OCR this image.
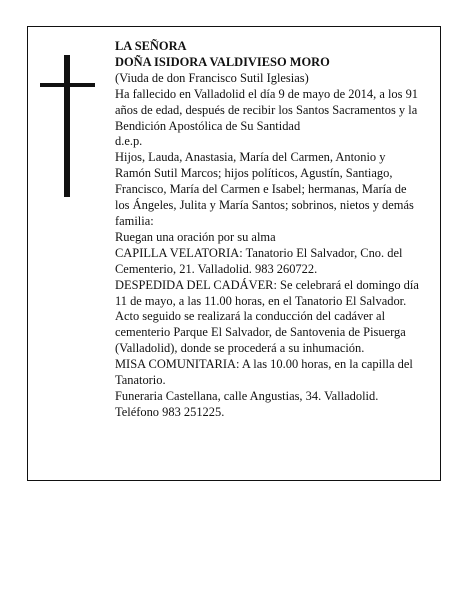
LA SEÑORA

DOÑA ISIDORA VALDIVIESO MORO

(Viuda de don Francisco Sutil Iglesias)

Ha fallecido en Valladolid el día 9 de mayo de 2014, a los 91 años de edad, después de recibir los Santos Sacramentos y la Bendición Apostólica de Su Santidad

d.e.p.

Hijos, Lauda, Anastasia, María del Carmen, Antonio y Ramón Sutil Marcos; hijos políticos, Agustín, Santiago, Francisco, María del Carmen e Isabel; hermanas, María de los Ángeles, Julita y María Santos; sobrinos, nietos y demás familia:

Ruegan una oración por su alma

CAPILLA VELATORIA: Tanatorio El Salvador, Cno. del Cementerio, 21. Valladolid. 983 260722.

DESPEDIDA DEL CADÁVER: Se celebrará el domingo día 11 de mayo, a las 11.00 horas, en el Tanatorio El Salvador. Acto seguido se realizará la conducción del cadáver al cementerio Parque El Salvador, de Santovenia de Pisuerga (Valladolid), donde se procederá a su inhumación.

MISA COMUNITARIA: A las 10.00 horas, en la capilla del Tanatorio.

Funeraria Castellana, calle Angustias, 34. Valladolid. Teléfono 983 251225.
